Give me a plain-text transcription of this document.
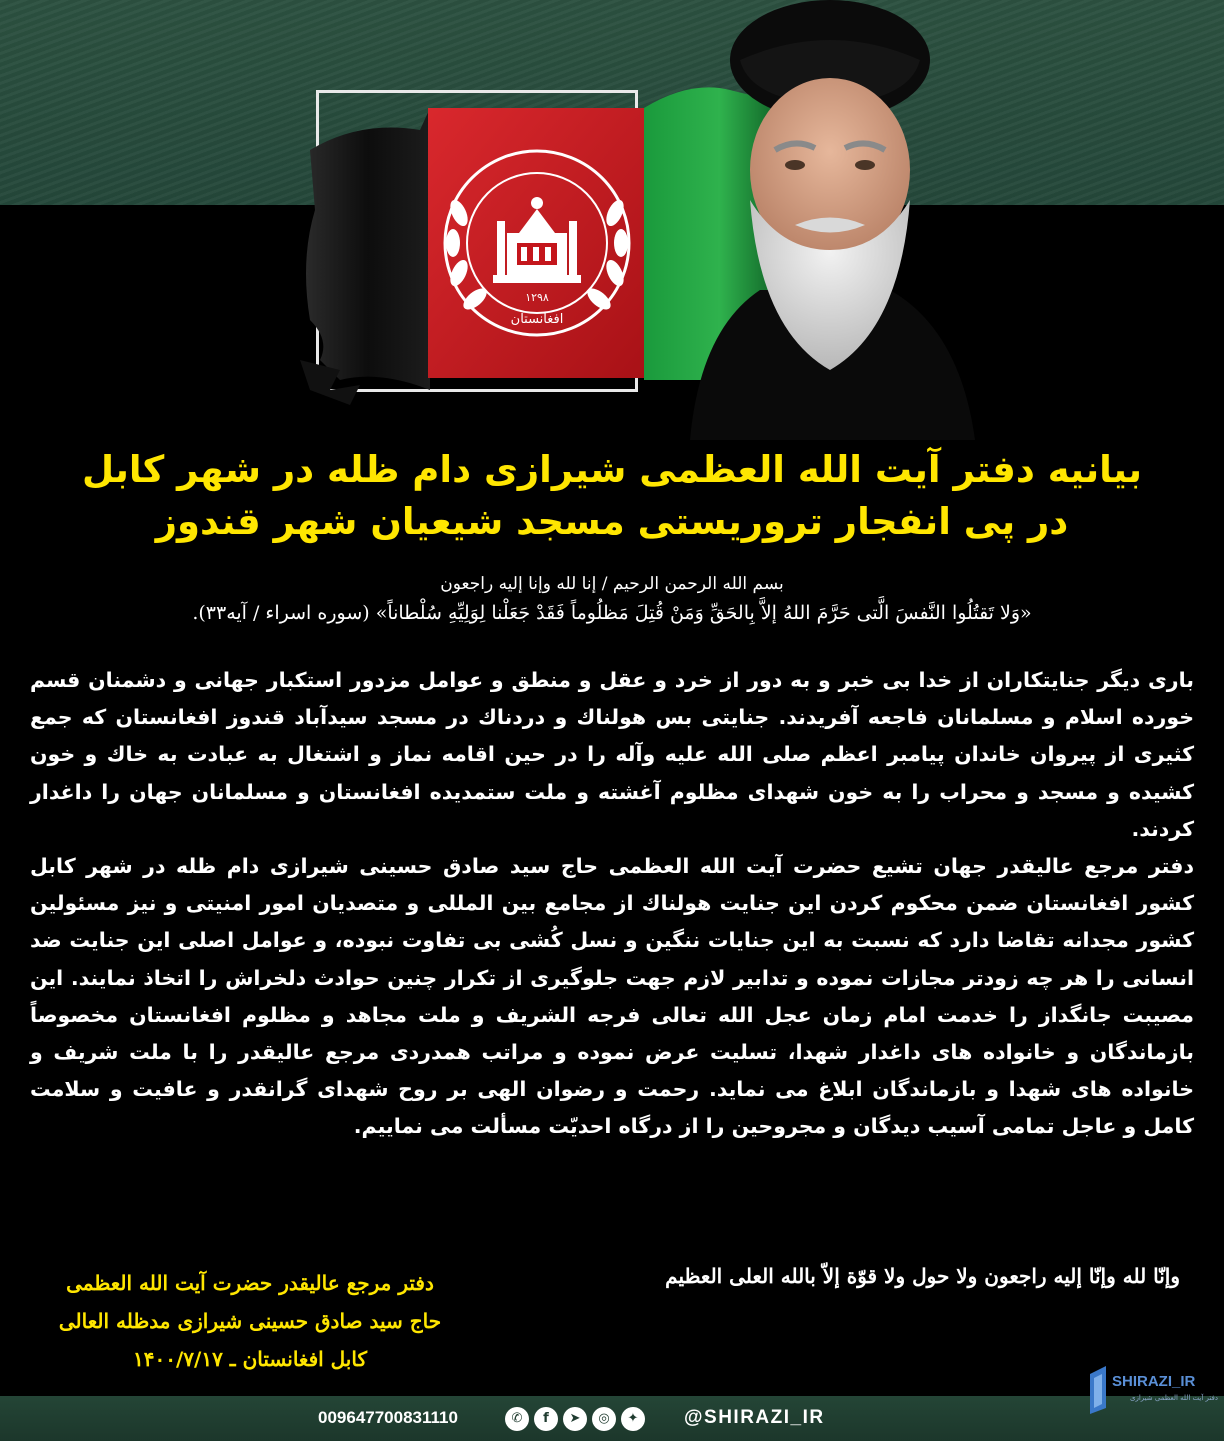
۱۲۹۸
افغانستان
بیانیه دفتر آیت الله العظمی شیرازی دام ظله در شهر کابل
در پی انفجار تروریستی مسجد شیعیان شهر قندوز
بسم الله الرحمن الرحیم / إنا لله وإنا إلیه راجعون
«وَلا تَقتُلُوا النَّفسَ الَّتی حَرَّمَ اللهُ إلاَّ بِالحَقِّ وَمَنْ قُتِلَ مَظلُوماً فَقَدْ جَعَلْنا لِوَلِیِّهِ سُلْطاناً» (سوره اسراء / آیه۳۳).

باری دیگر جنایتکاران از خدا بی خبر و به دور از خرد و عقل و منطق و عوامل مزدور استکبار جهانی و دشمنان قسم خورده اسلام و مسلمانان فاجعه آفریدند. جنایتی بس هولناك و دردناك در مسجد سیدآباد قندوز افغانستان که جمع کثیری از پیروان خاندان پیامبر اعظم صلی الله علیه وآله را در حین اقامه نماز و اشتغال به عبادت به خاك و خون کشیده و مسجد و محراب را به خون شهدای مظلوم آغشته و ملت ستمدیده افغانستان و مسلمانان جهان را داغدار کردند.

دفتر مرجع عالیقدر جهان تشیع حضرت آیت الله العظمی حاج سید صادق حسینی شیرازی دام ظله در شهر کابل کشور افغانستان ضمن محکوم کردن این جنایت هولناك از مجامع بین المللی و متصدیان امور امنیتی و نیز مسئولین کشور مجدانه تقاضا دارد که نسبت به این جنایات ننگین و نسل کُشی بی تفاوت نبوده، و عوامل اصلی این جنایت ضد انسانی را هر چه زودتر مجازات نموده و تدابیر لازم جهت جلوگیری از تکرار چنین حوادث دلخراش را اتخاذ نمایند. این مصیبت جانگداز را خدمت امام زمان عجل الله تعالی فرجه الشریف و ملت مجاهد و مظلوم افغانستان مخصوصاً بازماندگان و خانواده های داغدار شهدا، تسلیت عرض نموده و مراتب همدردی مرجع عالیقدر را با ملت شریف و خانواده های شهدا و بازماندگان ابلاغ می نماید. رحمت و رضوان الهی بر روح شهدای گرانقدر و عافیت و سلامت کامل و عاجل تمامی آسیب دیدگان و مجروحین را از درگاه احدیّت مسألت می نماییم.

وإنّا لله وإنّا إلیه راجعون ولا حول ولا قوّة إلاّ بالله العلی العظیم
دفتر مرجع عالیقدر حضرت آیت الله العظمی
حاج سید صادق حسینی شیرازی مدظله العالی
کابل افغانستان ـ ۱۴۰۰/۷/۱۷
SHIRAZI_IR
دفتر آیت الله العظمی شیرازی
009647700831110	✆	f	➤	◎	✦	@SHIRAZI_IR
